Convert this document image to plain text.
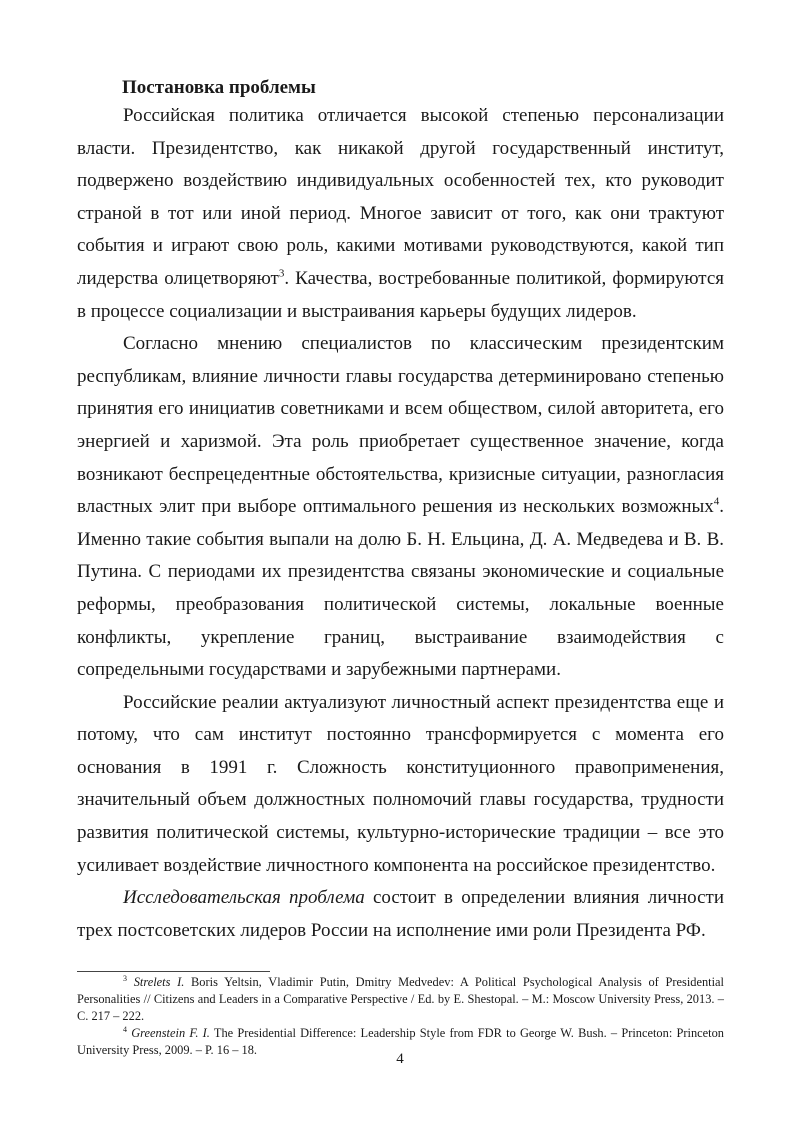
Постановка проблемы

Российская политика отличается высокой степенью персонализации власти. Президентство, как никакой другой государственный институт, подвержено воздействию индивидуальных особенностей тех, кто руководит страной в тот или иной период. Многое зависит от того, как они трактуют события и играют свою роль, какими мотивами руководствуются, какой тип лидерства олицетворяют$^3$. Качества, востребованные политикой, формируются в процессе социализации и выстраивания карьеры будущих лидеров.

Согласно мнению специалистов по классическим президентским республикам, влияние личности главы государства детерминировано степенью принятия его инициатив советниками и всем обществом, силой авторитета, его энергией и харизмой. Эта роль приобретает существенное значение, когда возникают беспрецедентные обстоятельства, кризисные ситуации, разногласия властных элит при выборе оптимального решения из нескольких возможных$^4$. Именно такие события выпали на долю Б. Н. Ельцина, Д. А. Медведева и В. В. Путина. С периодами их президентства связаны экономические и социальные реформы, преобразования политической системы, локальные военные конфликты, укрепление границ, выстраивание взаимодействия с сопредельными государствами и зарубежными партнерами.

Российские реалии актуализуют личностный аспект президентства еще и потому, что сам институт постоянно трансформируется с момента его основания в 1991 г. Сложность конституционного правоприменения, значительный объем должностных полномочий главы государства, трудности развития политической системы, культурно-исторические традиции – все это усиливает воздействие личностного компонента на российское президентство.

Исследовательская проблема состоит в определении влияния личности трех постсоветских лидеров России на исполнение ими роли Президента РФ.

$^3$ Strelets I. Boris Yeltsin, Vladimir Putin, Dmitry Medvedev: A Political Psychological Analysis of Presidential Personalities // Citizens and Leaders in a Comparative Perspective / Ed. by E. Shestopal. – M.: Moscow University Press, 2013. – С. 217 – 222.

$^4$ Greenstein F. I. The Presidential Difference: Leadership Style from FDR to George W. Bush. – Princeton: Princeton University Press, 2009. – P. 16 – 18.

4
